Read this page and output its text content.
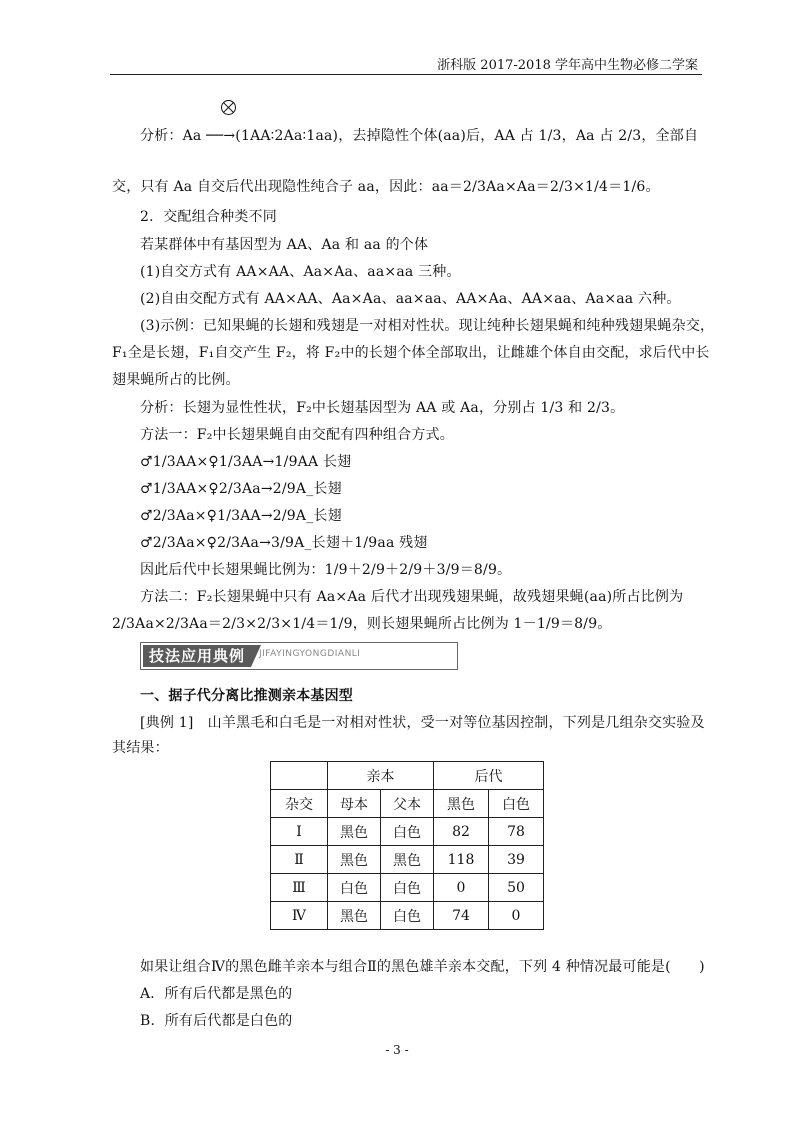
浙科版 2017-2018 学年高中生物必修二学案
分析：Aa ──→(1AA∶2Aa∶1aa)，去掉隐性个体(aa)后，AA 占 1/3，Aa 占 2/3，全部自
交，只有 Aa 自交后代出现隐性纯合子 aa，因此：aa＝2/3Aa×Aa＝2/3×1/4＝1/6。
2．交配组合种类不同
若某群体中有基因型为 AA、Aa 和 aa 的个体
(1)自交方式有 AA×AA、Aa×Aa、aa×aa 三种。
(2)自由交配方式有 AA×AA、Aa×Aa、aa×aa、AA×Aa、AA×aa、Aa×aa 六种。
(3)示例：已知果蝇的长翅和残翅是一对相对性状。现让纯种长翅果蝇和纯种残翅果蝇杂交，
F₁全是长翅，F₁自交产生 F₂，将 F₂中的长翅个体全部取出，让雌雄个体自由交配，求后代中长
翅果蝇所占的比例。
分析：长翅为显性性状，F₂中长翅基因型为 AA 或 Aa，分别占 1/3 和 2/3。
方法一：F₂中长翅果蝇自由交配有四种组合方式。
♂1/3AA×♀1/3AA→1/9AA 长翅
♂1/3AA×♀2/3Aa→2/9A_长翅
♂2/3Aa×♀1/3AA→2/9A_长翅
♂2/3Aa×♀2/3Aa→3/9A_长翅＋1/9aa 残翅
因此后代中长翅果蝇比例为：1/9＋2/9＋2/9＋3/9＝8/9。
方法二：F₂长翅果蝇中只有 Aa×Aa 后代才出现残翅果蝇，故残翅果蝇(aa)所占比例为
2/3Aa×2/3Aa＝2/3×2/3×1/4＝1/9，则长翅果蝇所占比例为 1－1/9＝8/9。
技法应用典例	JIFAYINGYONGDIANLI
一、据子代分离比推测亲本基因型
[典例 1]　山羊黑毛和白毛是一对相对性状，受一对等位基因控制，下列是几组杂交实验及
其结果：
	亲本		后代	
杂交	母本	父本	黑色	白色
Ⅰ	黑色	白色	82	78
Ⅱ	黑色	黑色	118	39
Ⅲ	白色	白色	0	50
Ⅳ	黑色	白色	74	0
如果让组合Ⅳ的黑色雌羊亲本与组合Ⅱ的黑色雄羊亲本交配，下列 4 种情况最可能是(　　)
A．所有后代都是黑色的
B．所有后代都是白色的
- 3 -
